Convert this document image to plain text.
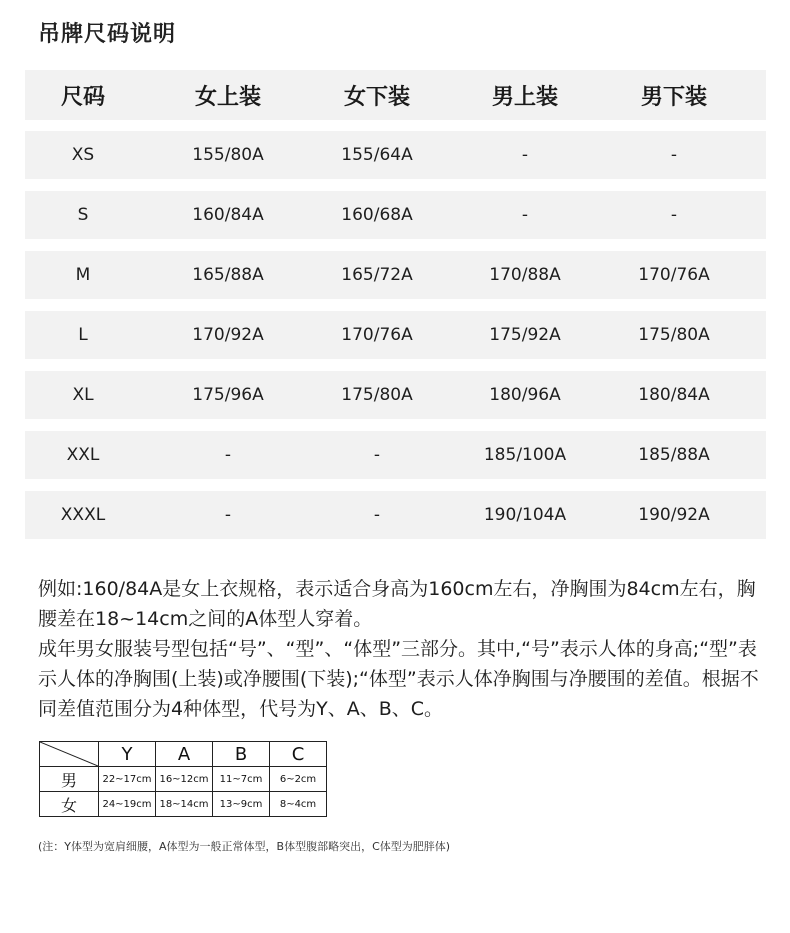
吊牌尺码说明
尺码	女上装	女下装	男上装	男下装
XS	155/80A	155/64A	-	-
S	160/84A	160/68A	-	-
M	165/88A	165/72A	170/88A	170/76A
L	170/92A	170/76A	175/92A	175/80A
XL	175/96A	175/80A	180/96A	180/84A
XXL	-	-	185/100A	185/88A
XXXL	-	-	190/104A	190/92A

例如:160/84A是女上衣规格，表示适合身高为160cm左右，净胸围为84cm左右，胸腰差在18~14cm之间的A体型人穿着。

成年男女服装号型包括“号”、“型”、“体型”三部分。其中,“号”表示人体的身高;“型”表示人体的净胸围(上装)或净腰围(下装);“体型”表示人体净胸围与净腰围的差值。根据不同差值范围分为4种体型，代号为Y、A、B、C。

	Y	A	B	C
男	22~17cm	16~12cm	11~7cm	6~2cm
女	24~19cm	18~14cm	13~9cm	8~4cm
(注：Y体型为宽肩细腰，A体型为一般正常体型，B体型腹部略突出，C体型为肥胖体)
